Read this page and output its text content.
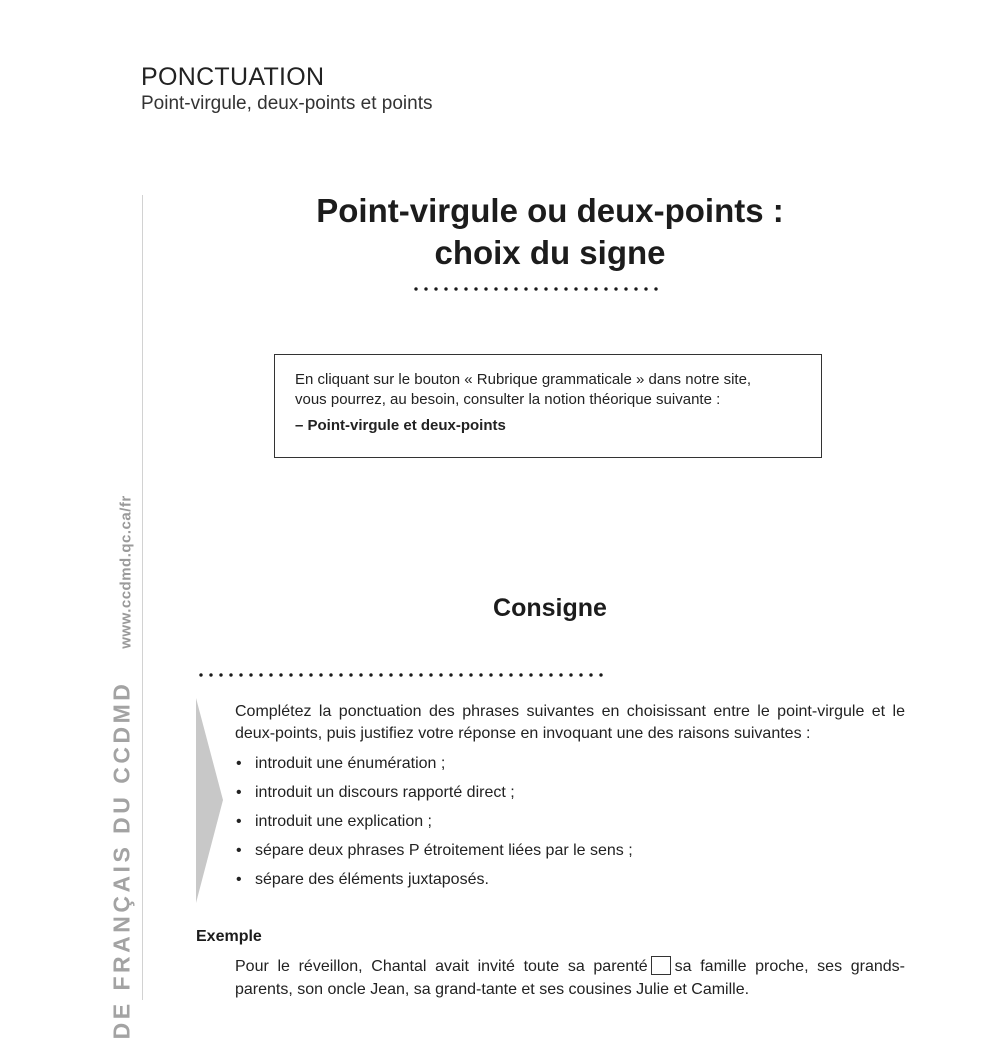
PONCTUATION
Point-virgule, deux-points et points
www.ccdmd.qc.ca/fr
DE FRANÇAIS DU CCDMD
Point-virgule ou deux-points :
choix du signe
En cliquant sur le bouton « Rubrique grammaticale » dans notre site,
vous pourrez, au besoin, consulter la notion théorique suivante :
– Point-virgule et deux-points
Consigne
Complétez la ponctuation des phrases suivantes en choisissant entre le point-virgule et le deux-points, puis justifiez votre réponse en invoquant une des raisons suivantes :
• introduit une énumération ;
• introduit un discours rapporté direct ;
• introduit une explication ;
• sépare deux phrases P étroitement liées par le sens ;
• sépare des éléments juxtaposés.
Exemple
Pour le réveillon, Chantal avait invité toute sa parenté sa famille proche, ses grands-parents, son oncle Jean, sa grand-tante et ses cousines Julie et Camille.
